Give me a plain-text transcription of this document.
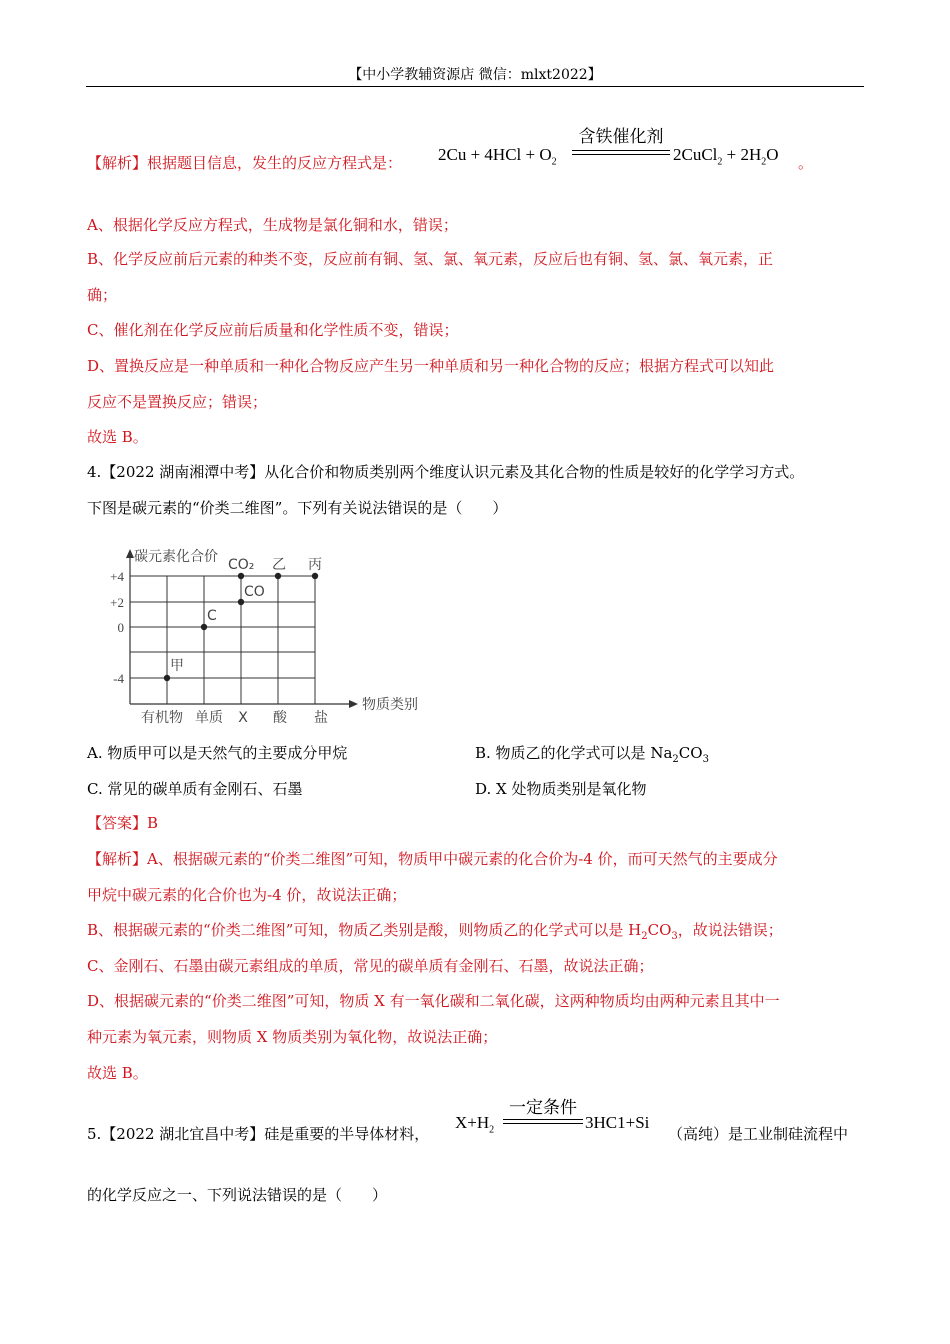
【中小学教辅资源店 微信：mlxt2022】
【解析】根据题目信息，发生的反应方程式是： $2Cu + 4HCl + O_2$
含铁催化剂
2CuCl$_2$ + $2H_2O$ 。
A、根据化学反应方程式，生成物是氯化铜和水，错误；
B、化学反应前后元素的种类不变，反应前有铜、氢、氯、氧元素，反应后也有铜、氢、氯、氧元素，正
确；
C、催化剂在化学反应前后质量和化学性质不变，错误；
D、置换反应是一种单质和一种化合物反应产生另一种单质和另一种化合物的反应；根据方程式可以知此
反应不是置换反应；错误；
故选 B。
4.【2022 湖南湘潭中考】从化合价和物质类别两个维度认识元素及其化合物的性质是较好的化学学习方式。
下图是碳元素的“价类二维图”。下列有关说法错误的是（　　）
碳元素化合价
物质类别
+4
+2
0
-4
有机物 单质 X 酸 盐
甲
C
CO
CO₂ 乙 丙
A. 物质甲可以是天然气的主要成分甲烷	B. 物质乙的化学式可以是 $Na_2CO_3$
C. 常见的碳单质有金刚石、石墨	D. X 处物质类别是氧化物
【答案】B
【解析】A、根据碳元素的“价类二维图”可知，物质甲中碳元素的化合价为-4 价，而可天然气的主要成分
甲烷中碳元素的化合价也为-4 价，故说法正确；
B、根据碳元素的“价类二维图”可知，物质乙类别是酸，则物质乙的化学式可以是 $H_2CO_3$，故说法错误；
C、金刚石、石墨由碳元素组成的单质，常见的碳单质有金刚石、石墨，故说法正确；
D、根据碳元素的“价类二维图”可知，物质 X 有一氧化碳和二氧化碳，这两种物质均由两种元素且其中一
种元素为氧元素，则物质 X 物质类别为氧化物，故说法正确；
故选 B。
5.【2022 湖北宜昌中考】硅是重要的半导体材料，
$X+H_2$
一定条件
3HC1+Si
（高纯）是工业制硅流程中
的化学反应之一、下列说法错误的是（　　）
